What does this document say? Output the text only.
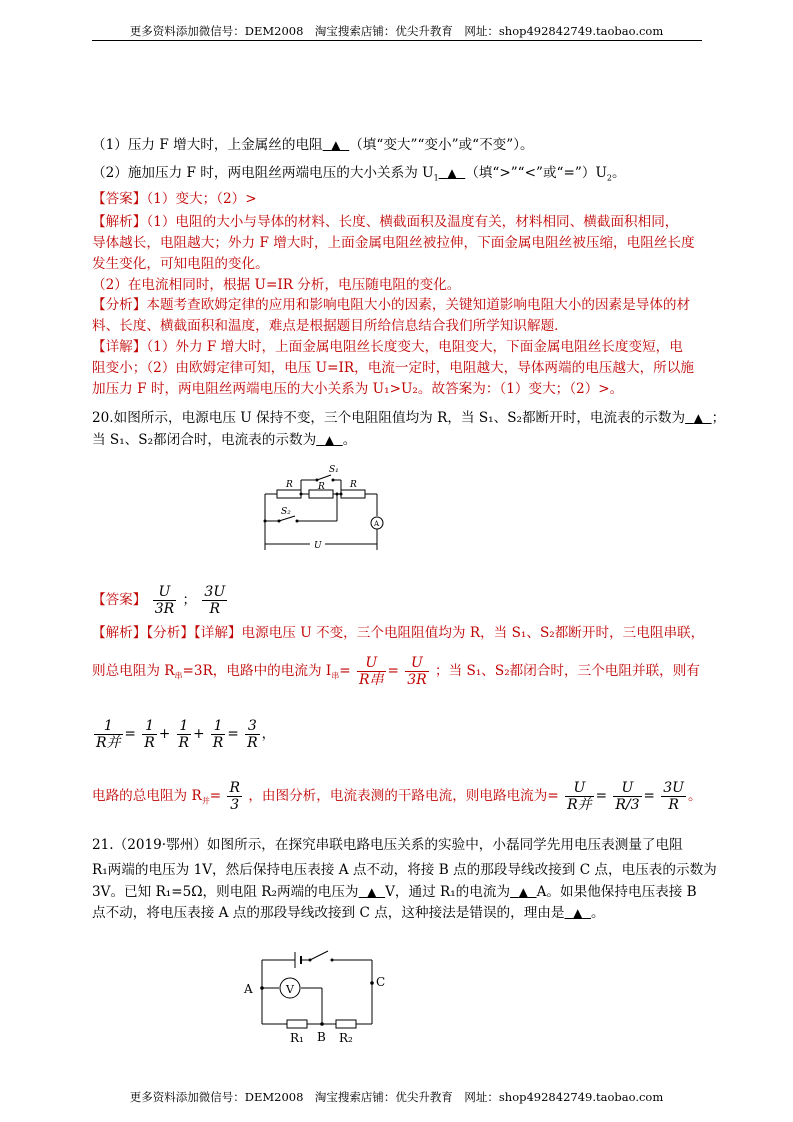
更多资料添加微信号：DEM2008　淘宝搜索店铺：优尖升教育　网址：shop492842749.taobao.com
（1）压力 F 增大时，上金属丝的电阻 ▲ （填“变大”“变小”或“不变”）。
（2）施加压力 F 时，两电阻丝两端电压的大小关系为 $U_1$ ▲ （填“>”“<”或“$=”)U_2$。
【答案】（1）变大；（2）>
【解析】（1）电阻的大小与导体的材料、长度、横截面积及温度有关，材料相同、横截面积相同，
导体越长，电阻越大；外力 F 增大时，上面金属电阻丝被拉伸，下面金属电阻丝被压缩，电阻丝长度
发生变化，可知电阻的变化。
（2）在电流相同时，根据 U=IR 分析，电压随电阻的变化。
【分析】本题考查欧姆定律的应用和影响电阻大小的因素，关键知道影响电阻大小的因素是导体的材
料、长度、横截面积和温度，难点是根据题目所给信息结合我们所学知识解题．
【详解】（1）外力 F 增大时，上面金属电阻丝长度变大，电阻变大，下面金属电阻丝长度变短，电
阻变小；（2）由欧姆定律可知，电压 U=IR，电流一定时，电阻越大，导体两端的电压越大，所以施
加压力 F 时，两电阻丝两端电压的大小关系为 U₁>U₂。故答案为：（1）变大；（2）>。
20.如图所示，电源电压 U 保持不变，三个电阻阻值均为 R，当 S₁、S₂都断开时，电流表的示数为 ▲ ；
当 S₁、S₂都闭合时，电流表的示数为 ▲ 。
R	R	R
S₁
S₂
U
A
【答案】 $\frac{U}{3R}$ ； $\frac{3U}{R}$
【解析】【分析】【详解】电源电压 U 不变，三个电阻阻值均为 R，当 S₁、S₂都断开时，三电阻串联，
则总电阻为 $R_串=3R$，电路中的电流为 $I_串= \frac{U}{\text{R串}} = \frac{U}{3R}$ ；当 S₁、S₂都闭合时，三个电阻并联，则有
$\frac{1}{\text{R并}} = \frac{1}{R} + \frac{1}{R} + \frac{1}{R} = \frac{3}{R}$ ，
电路的总电阻为 $R_并= \frac{R}{3}$ ，由图分析，电流表测的干路电流，则电路电流为= $\frac{U}{\text{R并}} = \frac{U}{R/3} = \frac{3U}{R}$ 。
21.（2019·鄂州）如图所示，在探究串联电路电压关系的实验中，小磊同学先用电压表测量了电阻
R₁两端的电压为 1V，然后保持电压表接 A 点不动，将接 B 点的那段导线改接到 C 点，电压表的示数为
3V。已知 R₁=5Ω，则电阻 R₂两端的电压为 ▲ V，通过 R₁的电流为 ▲ A。如果他保持电压表接 B
点不动，将电压表接 A 点的那段导线改接到 C 点，这种接法是错误的，理由是 ▲ 。
A
B
C
V
R₁	R₂
更多资料添加微信号：DEM2008　淘宝搜索店铺：优尖升教育　网址：shop492842749.taobao.com
